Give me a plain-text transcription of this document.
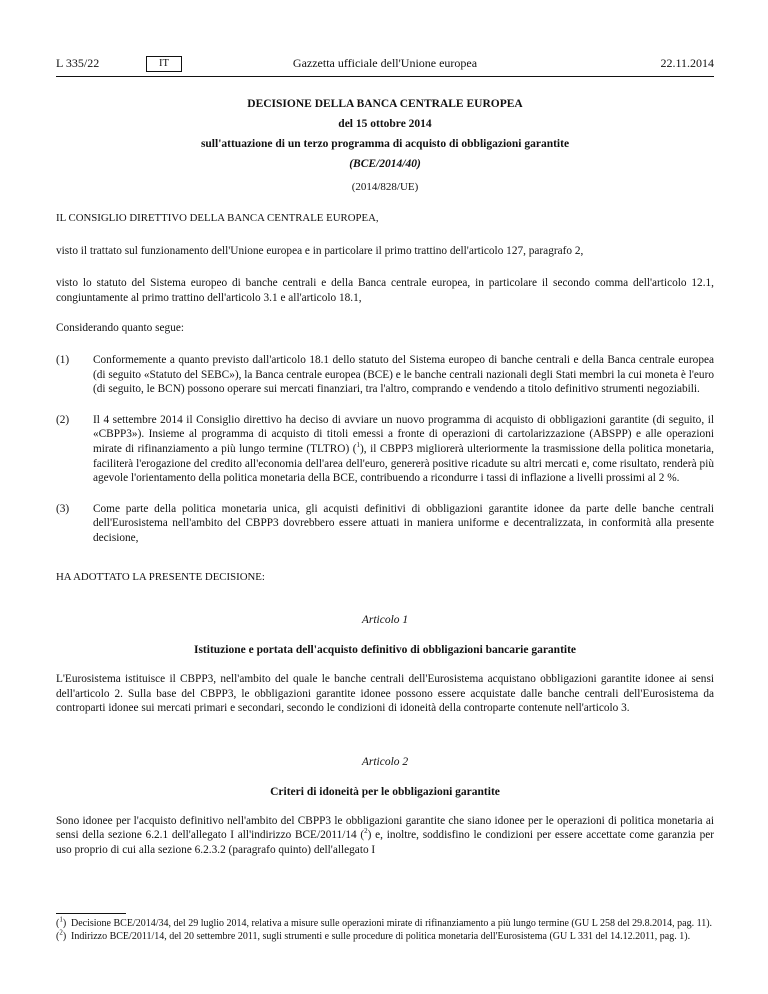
L 335/22	IT	Gazzetta ufficiale dell'Unione europea	22.11.2014
DECISIONE DELLA BANCA CENTRALE EUROPEA
del 15 ottobre 2014
sull'attuazione di un terzo programma di acquisto di obbligazioni garantite
(BCE/2014/40)
(2014/828/UE)

IL CONSIGLIO DIRETTIVO DELLA BANCA CENTRALE EUROPEA,

visto il trattato sul funzionamento dell'Unione europea e in particolare il primo trattino dell'articolo 127, paragrafo 2,

visto lo statuto del Sistema europeo di banche centrali e della Banca centrale europea, in particolare il secondo comma dell'articolo 12.1, congiuntamente al primo trattino dell'articolo 3.1 e all'articolo 18.1,

Considerando quanto segue:

(1) Conformemente a quanto previsto dall'articolo 18.1 dello statuto del Sistema europeo di banche centrali e della Banca centrale europea (di seguito «Statuto del SEBC»), la Banca centrale europea (BCE) e le banche centrali nazionali degli Stati membri la cui moneta è l'euro (di seguito, le BCN) possono operare sui mercati finanziari, tra l'altro, comprando e vendendo a titolo definitivo strumenti negoziabili.

(2) Il 4 settembre 2014 il Consiglio direttivo ha deciso di avviare un nuovo programma di acquisto di obbligazioni garantite (di seguito, il «CBPP3»). Insieme al programma di acquisto di titoli emessi a fronte di operazioni di cartolarizzazione (ABSPP) e alle operazioni mirate di rifinanziamento a più lungo termine (TLTRO) ($^1$), il CBPP3 migliorerà ulteriormente la trasmissione della politica monetaria, faciliterà l'erogazione del credito all'economia dell'area dell'euro, genererà positive ricadute su altri mercati e, come risultato, renderà più agevole l'orientamento della politica monetaria della BCE, contribuendo a ricondurre i tassi di inflazione a livelli prossimi al 2 %.

(3) Come parte della politica monetaria unica, gli acquisti definitivi di obbligazioni garantite idonee da parte delle banche centrali dell'Eurosistema nell'ambito del CBPP3 dovrebbero essere attuati in maniera uniforme e decentralizzata, in conformità alla presente decisione,

HA ADOTTATO LA PRESENTE DECISIONE:

Articolo 1
Istituzione e portata dell'acquisto definitivo di obbligazioni bancarie garantite

L'Eurosistema istituisce il CBPP3, nell'ambito del quale le banche centrali dell'Eurosistema acquistano obbligazioni garantite idonee ai sensi dell'articolo 2. Sulla base del CBPP3, le obbligazioni garantite idonee possono essere acquistate dalle banche centrali dell'Eurosistema da controparti idonee sui mercati primari e secondari, secondo le condizioni di idoneità della controparte contenute nell'articolo 3.

Articolo 2
Criteri di idoneità per le obbligazioni garantite

Sono idonee per l'acquisto definitivo nell'ambito del CBPP3 le obbligazioni garantite che siano idonee per le operazioni di politica monetaria ai sensi della sezione 6.2.1 dell'allegato I all'indirizzo BCE/2011/14 ($^2$) e, inoltre, soddisfino le condizioni per essere accettate come garanzia per uso proprio di cui alla sezione 6.2.3.2 (paragrafo quinto) dell'allegato I

($^1$) Decisione BCE/2014/34, del 29 luglio 2014, relativa a misure sulle operazioni mirate di rifinanziamento a più lungo termine (GU L 258 del 29.8.2014, pag. 11).
($^2$) Indirizzo BCE/2011/14, del 20 settembre 2011, sugli strumenti e sulle procedure di politica monetaria dell'Eurosistema (GU L 331 del 14.12.2011, pag. 1).
